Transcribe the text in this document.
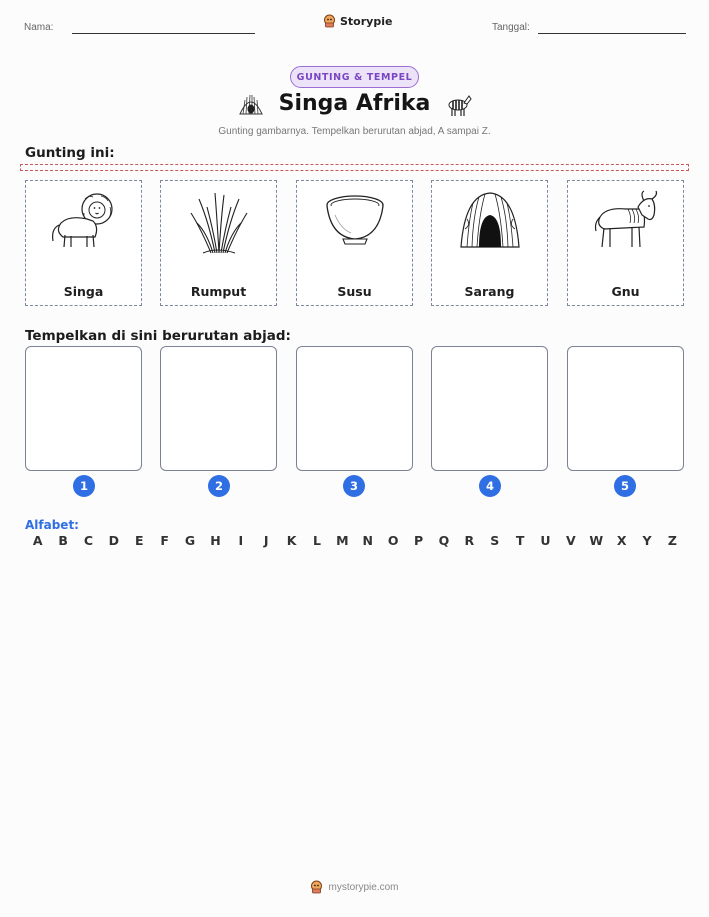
Nama:	Storypie	Tanggal:
GUNTING & TEMPEL
Singa Afrika
Gunting gambarnya. Tempelkan berurutan abjad, A sampai Z.
Gunting ini:
Singa	Rumput	Susu	Sarang	Gnu
Tempelkan di sini berurutan abjad:
1	2	3	4	5
Alfabet:
A	B	C	D	E	F	G	H	I	J	K	L	M	N	O	P	Q	R	S	T	U	V	W	X	Y	Z
mystorypie.com
